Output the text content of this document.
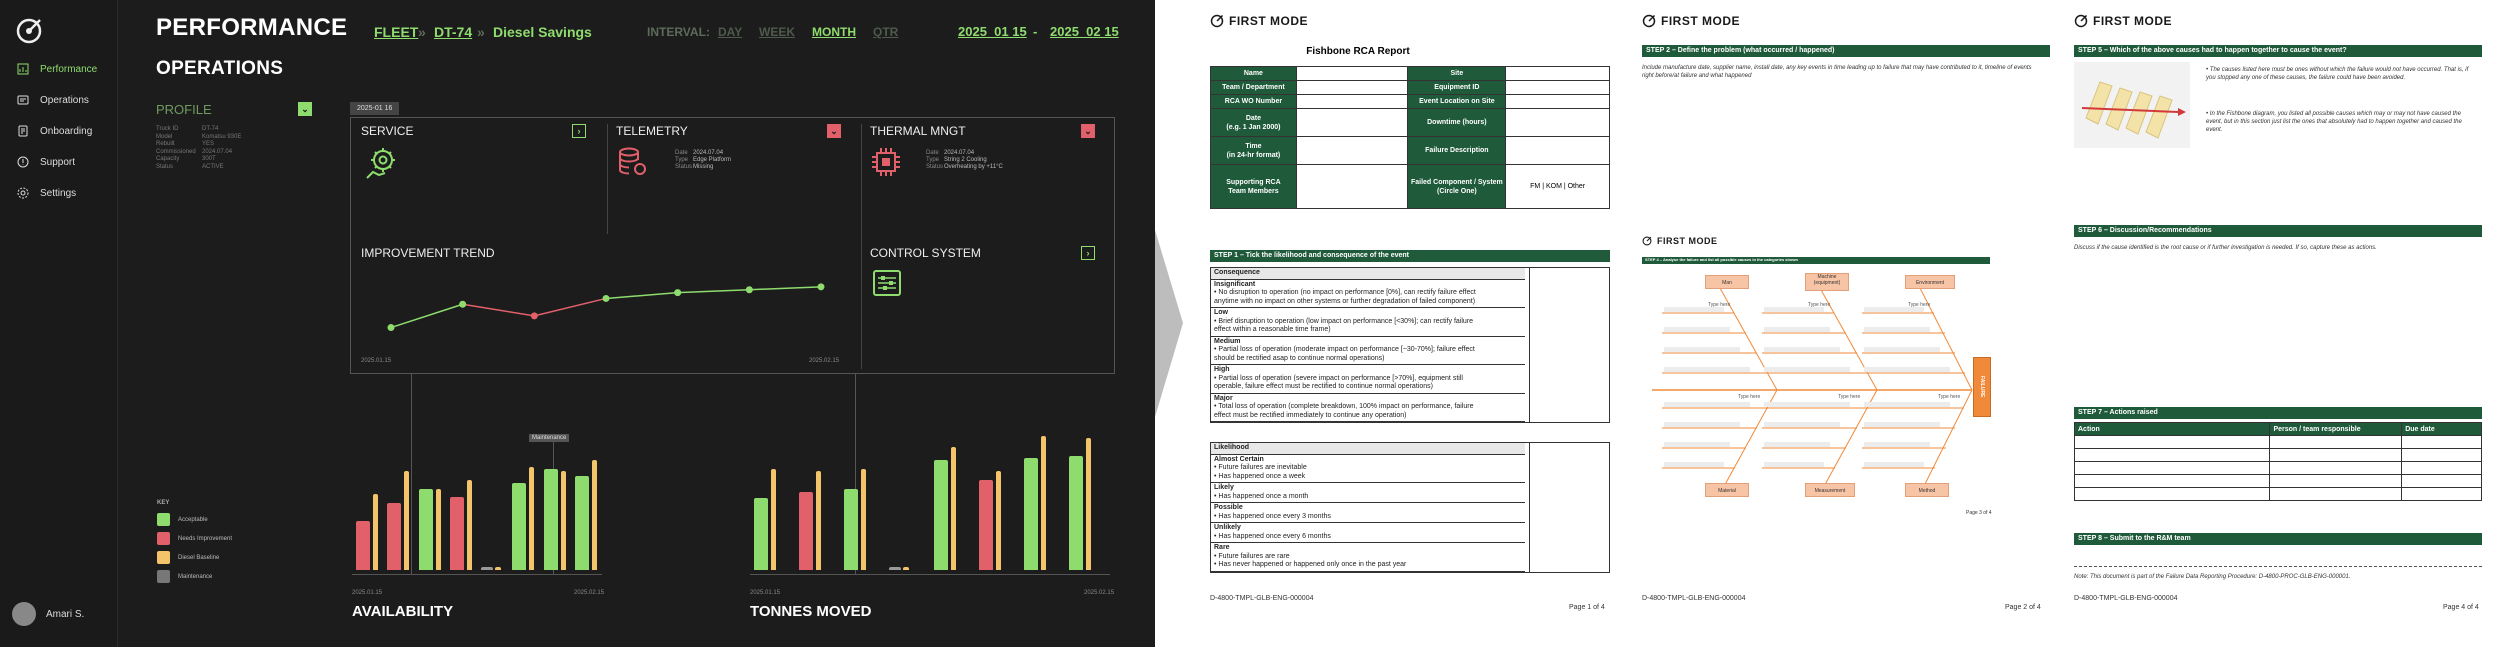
Performance
Operations
Onboarding
Support
Settings
Amari S.
PERFORMANCE
OPERATIONS
FLEET » DT-74 » Diesel Savings	INTERVAL: DAY WEEK MONTH QTR	2025_01 15 - 2025_02 15
PROFILE	⌄
Truck ID	DT-74
Model	Komatsu 930E
Rebuilt	YES
Commissioned 2024.07.04
Capacity	300T
Status	ACTIVE
2025-01 16
SERVICE	›	TELEMETRY	⌄
Date 2024.07.04
Type Edge Platform
StatusMissing
THERMAL MNGT	⌄
Date 2024.07.04
Type String 2 Cooling
StatusOverheating by +11°C
IMPROVEMENT TREND
2025.01.15	2025.02.15
CONTROL SYSTEM	›
Maintenance
KEY
Acceptable
Needs Improvement
Diesel Baseline
Maintenance
2025.01.15	2025.02.15
AVAILABILITY
2025.01.15	2025.02.15
TONNES MOVED
FIRST MODE
Fishbone RCA Report
Name		Site	
Team / Department		Equipment ID	
RCA WO Number		Event Location on Site	
Date
(e.g. 1 Jan 2000)		Downtime (hours)	
Time
(in 24-hr format)		Failure Description	
Supporting RCA
Team Members		Failed Component / System
(Circle One)	FM | KOM | Other
STEP 1 – Tick the likelihood and consequence of the event
Consequence
Insignificant
• No disruption to operation (no impact on performance [0%], can rectify failure effect
anytime with no impact on other systems or further degradation of failed component)
Low
• Brief disruption to operation (low impact on performance [<30%]; can rectify failure
effect within a reasonable time frame)
Medium
• Partial loss of operation (moderate impact on performance [~30-70%]; failure effect
should be rectified asap to continue normal operations)
High
• Partial loss of operation (severe impact on performance [>70%], equipment still
operable, failure effect must be rectified to continue normal operations)
Major
• Total loss of operation (complete breakdown, 100% impact on performance, failure
effect must be rectified immediately to continue any operation)
Likelihood
Almost Certain
• Future failures are inevitable
• Has happened once a week
Likely
• Has happened once a month
Possible
• Has happened once every 3 months
Unlikely
• Has happened once every 6 months
Rare
• Future failures are rare
• Has never happened or happened only once in the past year
D-4800-TMPL-GLB-ENG-000004
Page 1 of 4
FIRST MODE
STEP 2 – Define the problem (what occurred / happened)
Include manufacture date, supplier name, install date, any key events in time leading up to failure that may have contributed to it, timeline of events right before/at failure and what happened
FIRST MODE
STEP 4 – Analyse the failure and list all possible causes in the categories shown
Man
Machine
(equipment)	Environment
Material	Measurement	Method
FAILURE
Type here	Type here	Type here
Type here	Type here	Type here
Page 3 of 4
D-4800-TMPL-GLB-ENG-000004
Page 2 of 4
FIRST MODE
STEP 5 – Which of the above causes had to happen together to cause the event?
• The causes listed here must be ones without which the failure would not have occurred. That is, if you stopped any one of these causes, the failure could have been avoided.
• In the Fishbone diagram, you listed all possible causes which may or may not have caused the event, but in this section just list the ones that absolutely had to happen together and caused the event.
STEP 6 – Discussion/Recommendations
Discuss if the cause identified is the root cause or if further investigation is needed. If so, capture these as actions.
STEP 7 – Actions raised
Action	Person / team responsible	Due date

STEP 8 – Submit to the R&M team
Note: This document is part of the Failure Data Reporting Procedure: D-4800-PROC-GLB-ENG-000001.
D-4800-TMPL-GLB-ENG-000004
Page 4 of 4
